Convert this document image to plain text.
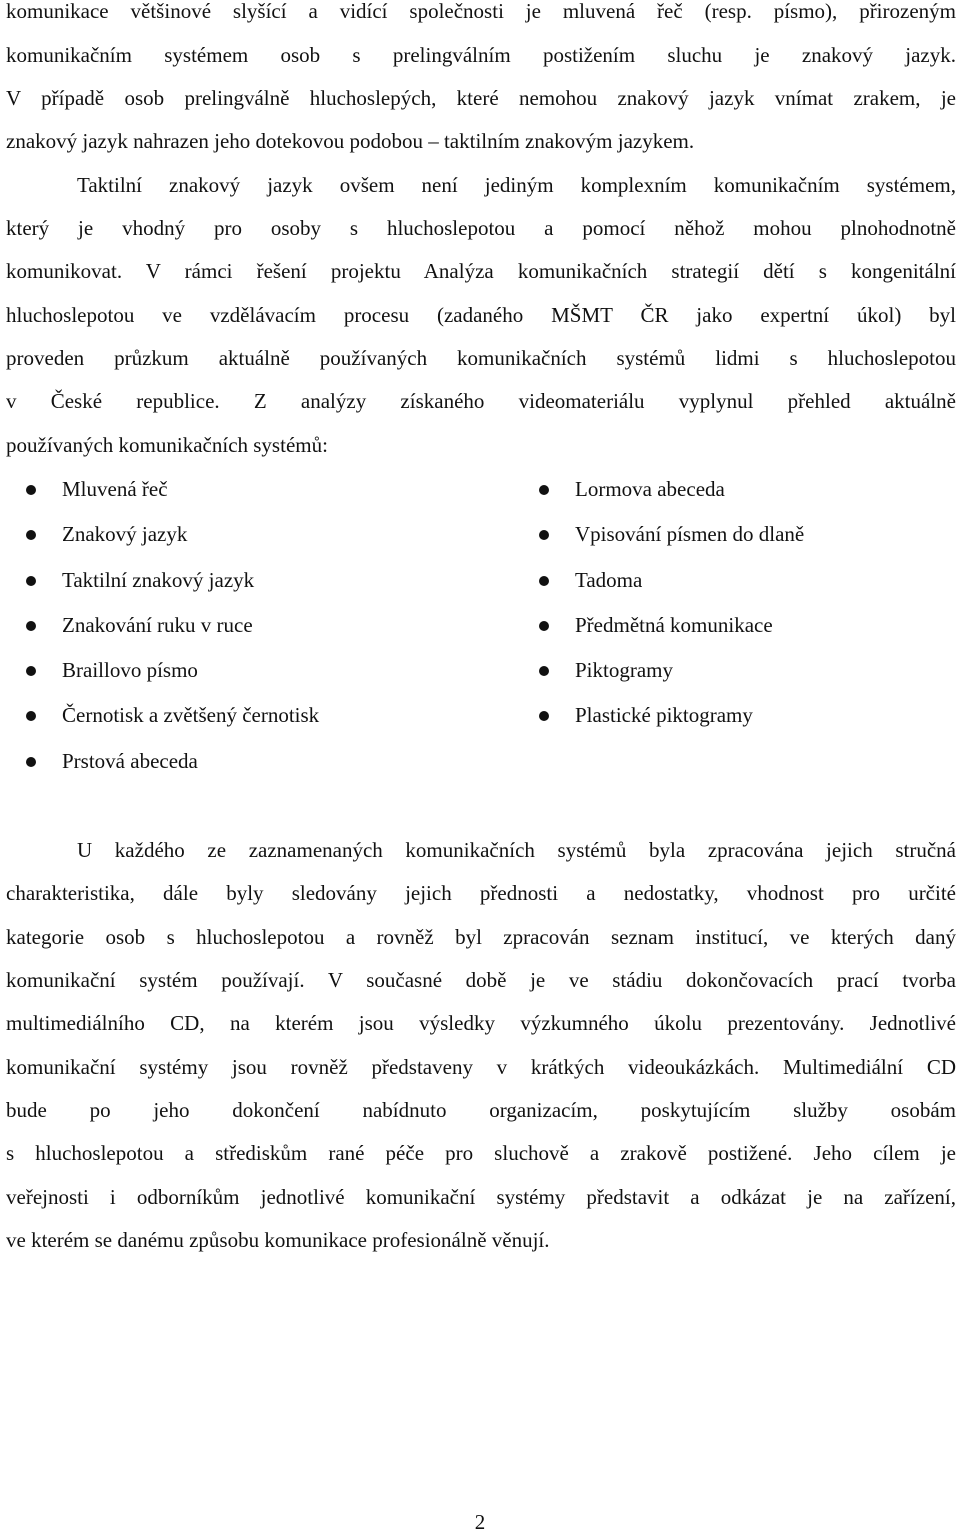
komunikace většinové slyšící a vidící společnosti je mluvená řeč (resp. písmo), přirozeným
komunikačním systémem osob s prelingválním postižením sluchu je znakový jazyk.
V případě osob prelingválně hluchoslepých, které nemohou znakový jazyk vnímat zrakem, je
znakový jazyk nahrazen jeho dotekovou podobou – taktilním znakovým jazykem.
Taktilní znakový jazyk ovšem není jediným komplexním komunikačním systémem,
který je vhodný pro osoby s hluchoslepotou a pomocí něhož mohou plnohodnotně
komunikovat. V rámci řešení projektu Analýza komunikačních strategií dětí s kongenitální
hluchoslepotou ve vzdělávacím procesu (zadaného MŠMT ČR jako expertní úkol) byl
proveden průzkum aktuálně používaných komunikačních systémů lidmi s hluchoslepotou
v České republice. Z analýzy získaného videomateriálu vyplynul přehled aktuálně
používaných komunikačních systémů:
Mluvená řeč
Znakový jazyk
Taktilní znakový jazyk
Znakování ruku v ruce
Braillovo písmo
Černotisk a zvětšený černotisk
Prstová abeceda
Lormova abeceda
Vpisování písmen do dlaně
Tadoma
Předmětná komunikace
Piktogramy
Plastické piktogramy
U každého ze zaznamenaných komunikačních systémů byla zpracována jejich stručná
charakteristika, dále byly sledovány jejich přednosti a nedostatky, vhodnost pro určité
kategorie osob s hluchoslepotou a rovněž byl zpracován seznam institucí, ve kterých daný
komunikační systém používají. V současné době je ve stádiu dokončovacích prací tvorba
multimediálního CD, na kterém jsou výsledky výzkumného úkolu prezentovány. Jednotlivé
komunikační systémy jsou rovněž představeny v krátkých videoukázkách. Multimediální CD
bude po jeho dokončení nabídnuto organizacím, poskytujícím služby osobám
s hluchoslepotou a střediskům rané péče pro sluchově a zrakově postižené. Jeho cílem je
veřejnosti i odborníkům jednotlivé komunikační systémy představit a odkázat je na zařízení,
ve kterém se danému způsobu komunikace profesionálně věnují.
2
